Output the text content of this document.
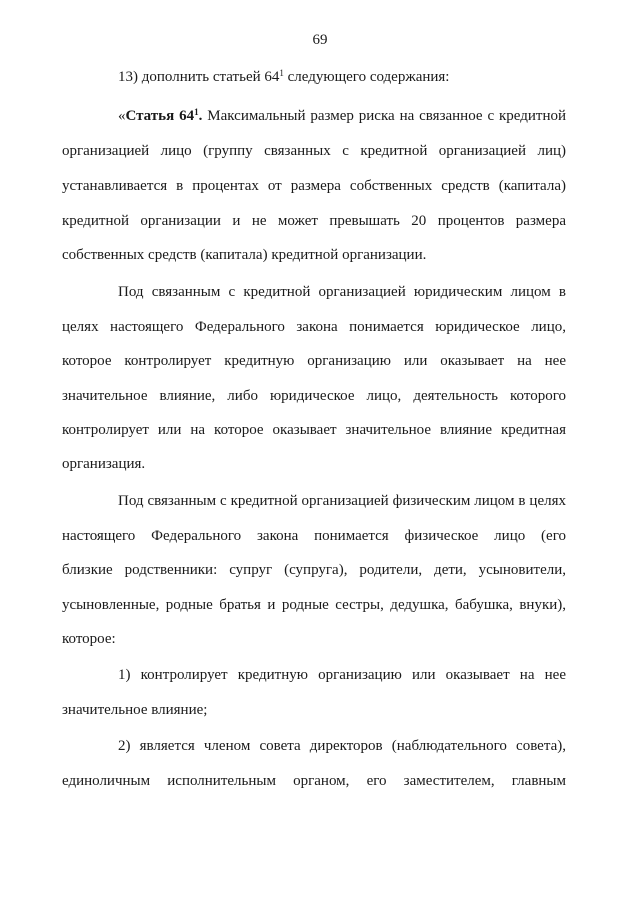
69
13) дополнить статьей $64^1$ следующего содержания:
«Статья $64^1$. Максимальный размер риска на связанное с кредитной
организацией лицо (группу связанных с кредитной организацией лиц)
устанавливается в процентах от размера собственных средств (капитала)
кредитной организации и не может превышать 20 процентов размера
собственных средств (капитала) кредитной организации.
Под связанным с кредитной организацией юридическим лицом в
целях настоящего Федерального закона понимается юридическое лицо,
которое контролирует кредитную организацию или оказывает на нее
значительное влияние, либо юридическое лицо, деятельность которого
контролирует или на которое оказывает значительное влияние кредитная
организация.
Под связанным с кредитной организацией физическим лицом в целях
настоящего Федерального закона понимается физическое лицо (его
близкие родственники: супруг (супруга), родители, дети, усыновители,
усыновленные, родные братья и родные сестры, дедушка, бабушка, внуки),
которое:
1) контролирует кредитную организацию или оказывает на нее
значительное влияние;
2) является членом совета директоров (наблюдательного совета),
единоличным исполнительным органом, его заместителем, главным
